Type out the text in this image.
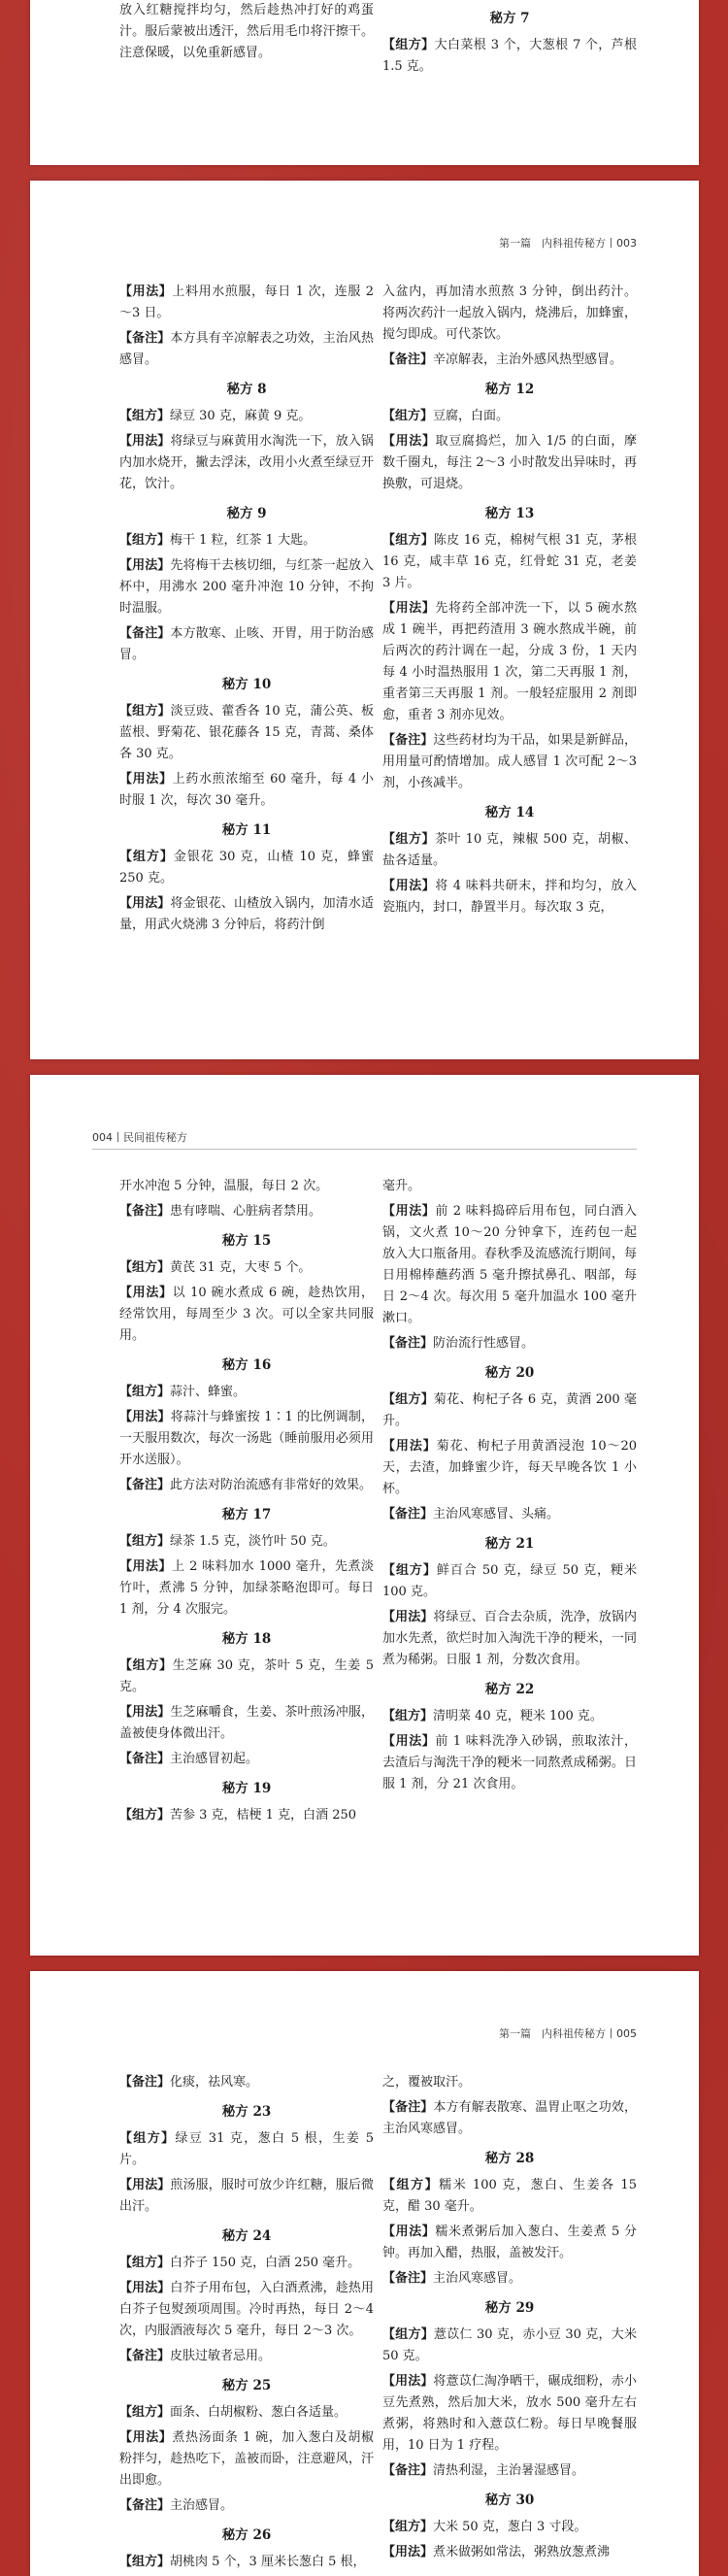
放入红糖搅拌均匀，然后趁热冲打好的鸡蛋汁。服后蒙被出透汗，然后用毛巾将汗擦干。注意保暖，以免重新感冒。

秘方 7

【组方】大白菜根 3 个，大葱根 7 个，芦根 1.5 克。

第一篇　内科祖传秘方丨003

【用法】上料用水煎服，每日 1 次，连服 2～3 日。

【备注】本方具有辛凉解表之功效，主治风热感冒。

秘方 8

【组方】绿豆 30 克，麻黄 9 克。

【用法】将绿豆与麻黄用水淘洗一下，放入锅内加水烧开，撇去浮沫，改用小火煮至绿豆开花，饮汁。

秘方 9

【组方】梅干 1 粒，红茶 1 大匙。

【用法】先将梅干去核切细，与红茶一起放入杯中，用沸水 200 毫升冲泡 10 分钟，不拘时温服。

【备注】本方散寒、止咳、开胃，用于防治感冒。

秘方 10

【组方】淡豆豉、藿香各 10 克，蒲公英、板蓝根、野菊花、银花藤各 15 克，青蒿、桑体各 30 克。

【用法】上药水煎浓缩至 60 毫升，每 4 小时服 1 次，每次 30 毫升。

秘方 11

【组方】金银花 30 克，山楂 10 克，蜂蜜 250 克。

【用法】将金银花、山楂放入锅内，加清水适量，用武火烧沸 3 分钟后，将药汁倒

入盆内，再加清水煎熬 3 分钟，倒出药汁。将两次药汁一起放入锅内，烧沸后，加蜂蜜，搅匀即成。可代茶饮。

【备注】辛凉解表，主治外感风热型感冒。

秘方 12

【组方】豆腐，白面。

【用法】取豆腐捣烂，加入 1/5 的白面，摩数千圈丸，每注 2～3 小时散发出异味时，再换敷，可退烧。

秘方 13

【组方】陈皮 16 克，棉树气根 31 克，茅根 16 克，咸丰草 16 克，红骨蛇 31 克，老姜 3 片。

【用法】先将药全部冲洗一下，以 5 碗水熬成 1 碗半，再把药渣用 3 碗水熬成半碗，前后两次的药汁调在一起，分成 3 份，1 天内每 4 小时温热服用 1 次，第二天再服 1 剂，重者第三天再服 1 剂。一般轻症服用 2 剂即愈，重者 3 剂亦见效。

【备注】这些药材均为干品，如果是新鲜品，用用量可酌情增加。成人感冒 1 次可配 2～3 剂，小孩减半。

秘方 14

【组方】茶叶 10 克，辣椒 500 克，胡椒、盐各适量。

【用法】将 4 味料共研末，拌和均匀，放入瓷瓶内，封口，静置半月。每次取 3 克，

004丨民间祖传秘方

开水冲泡 5 分钟，温服，每日 2 次。

【备注】患有哮喘、心脏病者禁用。

秘方 15

【组方】黄芪 31 克，大枣 5 个。

【用法】以 10 碗水煮成 6 碗，趁热饮用，经常饮用，每周至少 3 次。可以全家共同服用。

秘方 16

【组方】蒜汁、蜂蜜。

【用法】将蒜汁与蜂蜜按 1∶1 的比例调制，一天服用数次，每次一汤匙（睡前服用必须用开水送服）。

【备注】此方法对防治流感有非常好的效果。

秘方 17

【组方】绿茶 1.5 克，淡竹叶 50 克。

【用法】上 2 味料加水 1000 毫升，先煮淡竹叶，煮沸 5 分钟，加绿茶略泡即可。每日 1 剂，分 4 次服完。

秘方 18

【组方】生芝麻 30 克，茶叶 5 克，生姜 5 克。

【用法】生芝麻嚼食，生姜、茶叶煎汤冲服，盖被使身体微出汗。

【备注】主治感冒初起。

秘方 19

【组方】苦参 3 克，桔梗 1 克，白酒 250

毫升。

【用法】前 2 味料捣碎后用布包，同白酒入锅，文火煮 10～20 分钟拿下，连药包一起放入大口瓶备用。春秋季及流感流行期间，每日用棉棒蘸药酒 5 毫升擦拭鼻孔、咽部，每日 2～4 次。每次用 5 毫升加温水 100 毫升漱口。

【备注】防治流行性感冒。

秘方 20

【组方】菊花、枸杞子各 6 克，黄酒 200 毫升。

【用法】菊花、枸杞子用黄酒浸泡 10～20 天，去渣，加蜂蜜少许，每天早晚各饮 1 小杯。

【备注】主治风寒感冒、头痛。

秘方 21

【组方】鲜百合 50 克，绿豆 50 克，粳米 100 克。

【用法】将绿豆、百合去杂质，洗净，放锅内加水先煮，欲烂时加入淘洗干净的粳米，一同煮为稀粥。日服 1 剂，分数次食用。

秘方 22

【组方】清明菜 40 克，粳米 100 克。

【用法】前 1 味料洗净入砂锅，煎取浓汁，去渣后与淘洗干净的粳米一同熬煮成稀粥。日服 1 剂，分 21 次食用。

第一篇　内科祖传秘方丨005

【备注】化痰，祛风寒。

秘方 23

【组方】绿豆 31 克，葱白 5 根，生姜 5 片。

【用法】煎汤服，服时可放少许红糖，服后微出汗。

秘方 24

【组方】白芥子 150 克，白酒 250 毫升。

【用法】白芥子用布包，入白酒煮沸，趁热用白芥子包熨颈项周围。冷时再热，每日 2～4 次，内服酒液每次 5 毫升，每日 2～3 次。

【备注】皮肤过敏者忌用。

秘方 25

【组方】面条、白胡椒粉、葱白各适量。

【用法】煮热汤面条 1 碗，加入葱白及胡椒粉拌匀，趁热吃下，盖被而卧，注意避风，汗出即愈。

【备注】主治感冒。

秘方 26

【组方】胡桃肉 5 个，3 厘米长葱白 5 根，

之，覆被取汗。

【备注】本方有解表散寒、温胃止呕之功效，主治风寒感冒。

秘方 28

【组方】糯米 100 克，葱白、生姜各 15 克，醋 30 毫升。

【用法】糯米煮粥后加入葱白、生姜煮 5 分钟。再加入醋，热服，盖被发汗。

【备注】主治风寒感冒。

秘方 29

【组方】薏苡仁 30 克，赤小豆 30 克，大米 50 克。

【用法】将薏苡仁淘净晒干，碾成细粉，赤小豆先煮熟，然后加大米，放水 500 毫升左右煮粥，将熟时和入薏苡仁粉。每日早晚餐服用，10 日为 1 疗程。

【备注】清热利湿，主治暑湿感冒。

秘方 30

【组方】大米 50 克，葱白 3 寸段。

【用法】煮米做粥如常法，粥熟放葱煮沸
